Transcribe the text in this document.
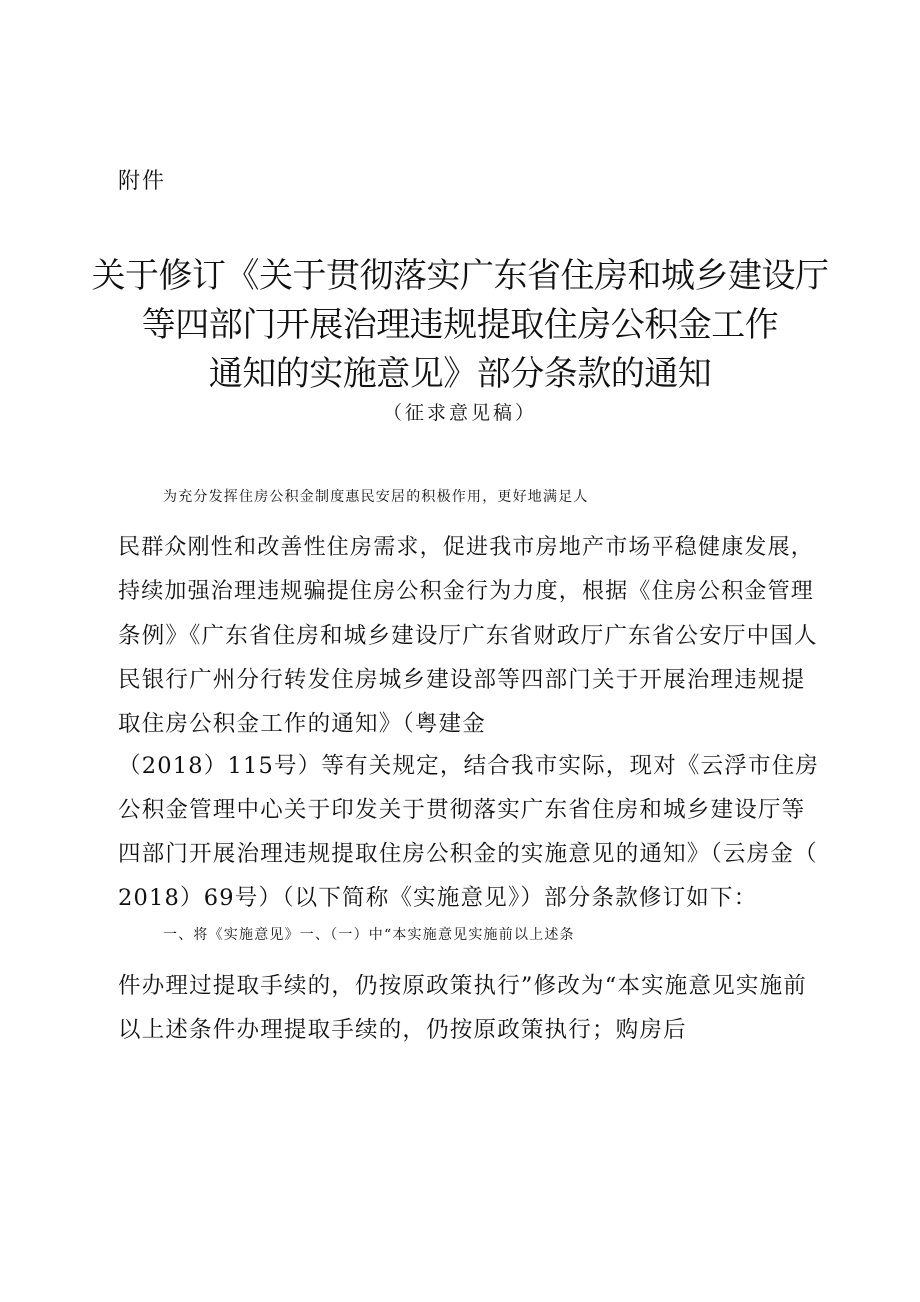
附件
关于修订《关于贯彻落实广东省住房和城乡建设厅
等四部门开展治理违规提取住房公积金工作
通知的实施意见》部分条款的通知
（征求意见稿）
为充分发挥住房公积金制度惠民安居的积极作用，更好地满足人
民群众刚性和改善性住房需求，促进我市房地产市场平稳健康发展，
持续加强治理违规骗提住房公积金行为力度，根据《住房公积金管理
条例》《广东省住房和城乡建设厅广东省财政厅广东省公安厅中国人
民银行广州分行转发住房城乡建设部等四部门关于开展治理违规提
取住房公积金工作的通知》（粤建金
（2018）115号）等有关规定，结合我市实际，现对《云浮市住房
公积金管理中心关于印发关于贯彻落实广东省住房和城乡建设厅等
四部门开展治理违规提取住房公积金的实施意见的通知》（云房金（
2018）69号）（以下简称《实施意见》）部分条款修订如下：
一、将《实施意见》一、（一）中“本实施意见实施前以上述条
件办理过提取手续的，仍按原政策执行”修改为“本实施意见实施前
以上述条件办理提取手续的，仍按原政策执行；购房后
